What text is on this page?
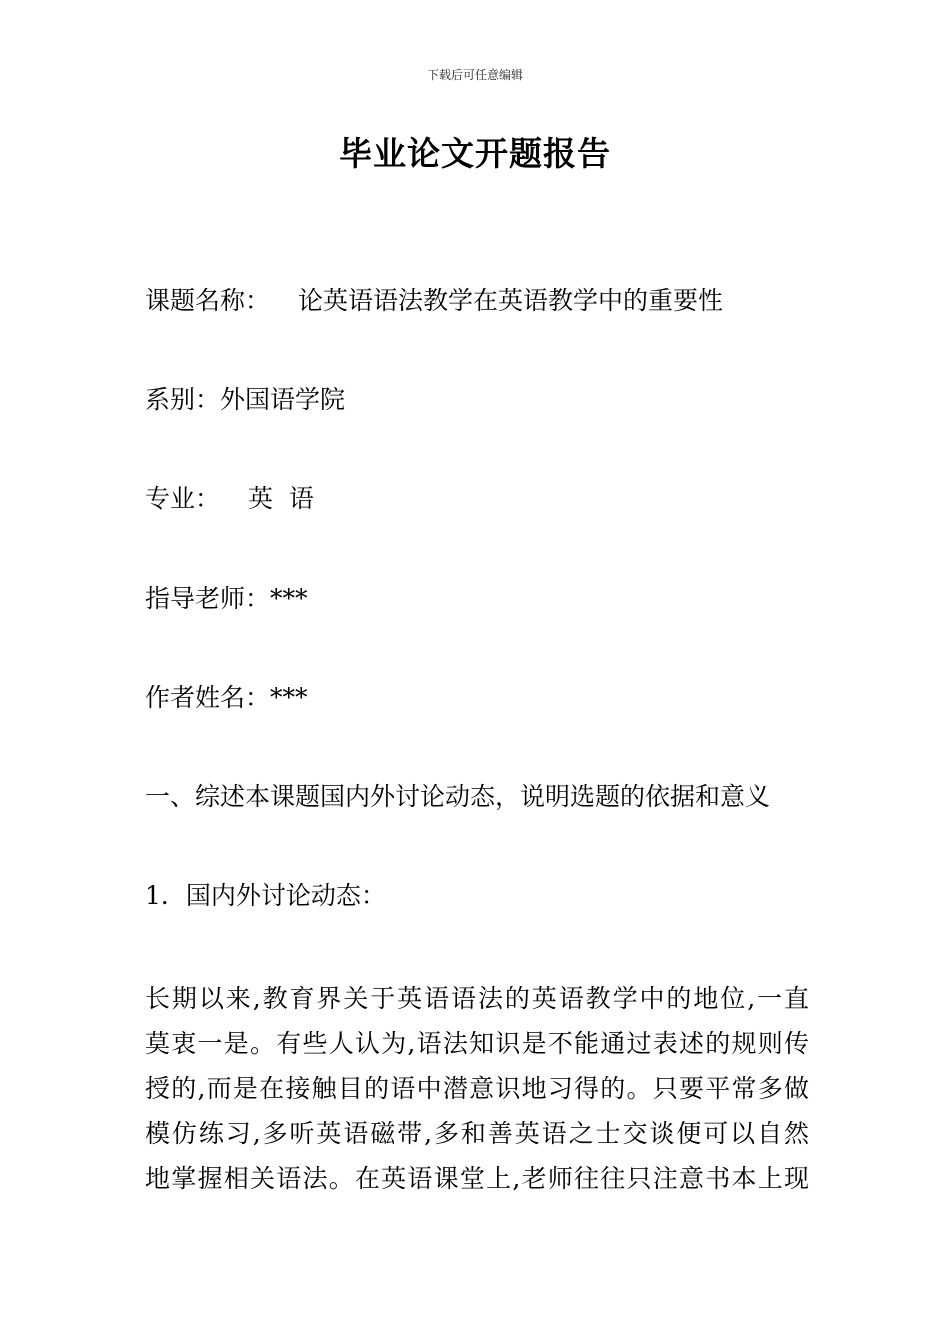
下载后可任意编辑
毕业论文开题报告
课题名称： 论英语语法教学在英语教学中的重要性
系别：外国语学院
专业： 英  语
指导老师：***
作者姓名：***
一、综述本课题国内外讨论动态，说明选题的依据和意义
1．国内外讨论动态：
长期以来,教育界关于英语语法的英语教学中的地位,一直
莫衷一是。有些人认为,语法知识是不能通过表述的规则传
授的,而是在接触目的语中潜意识地习得的。只要平常多做
模仿练习,多听英语磁带,多和善英语之士交谈便可以自然
地掌握相关语法。在英语课堂上,老师往往只注意书本上现
